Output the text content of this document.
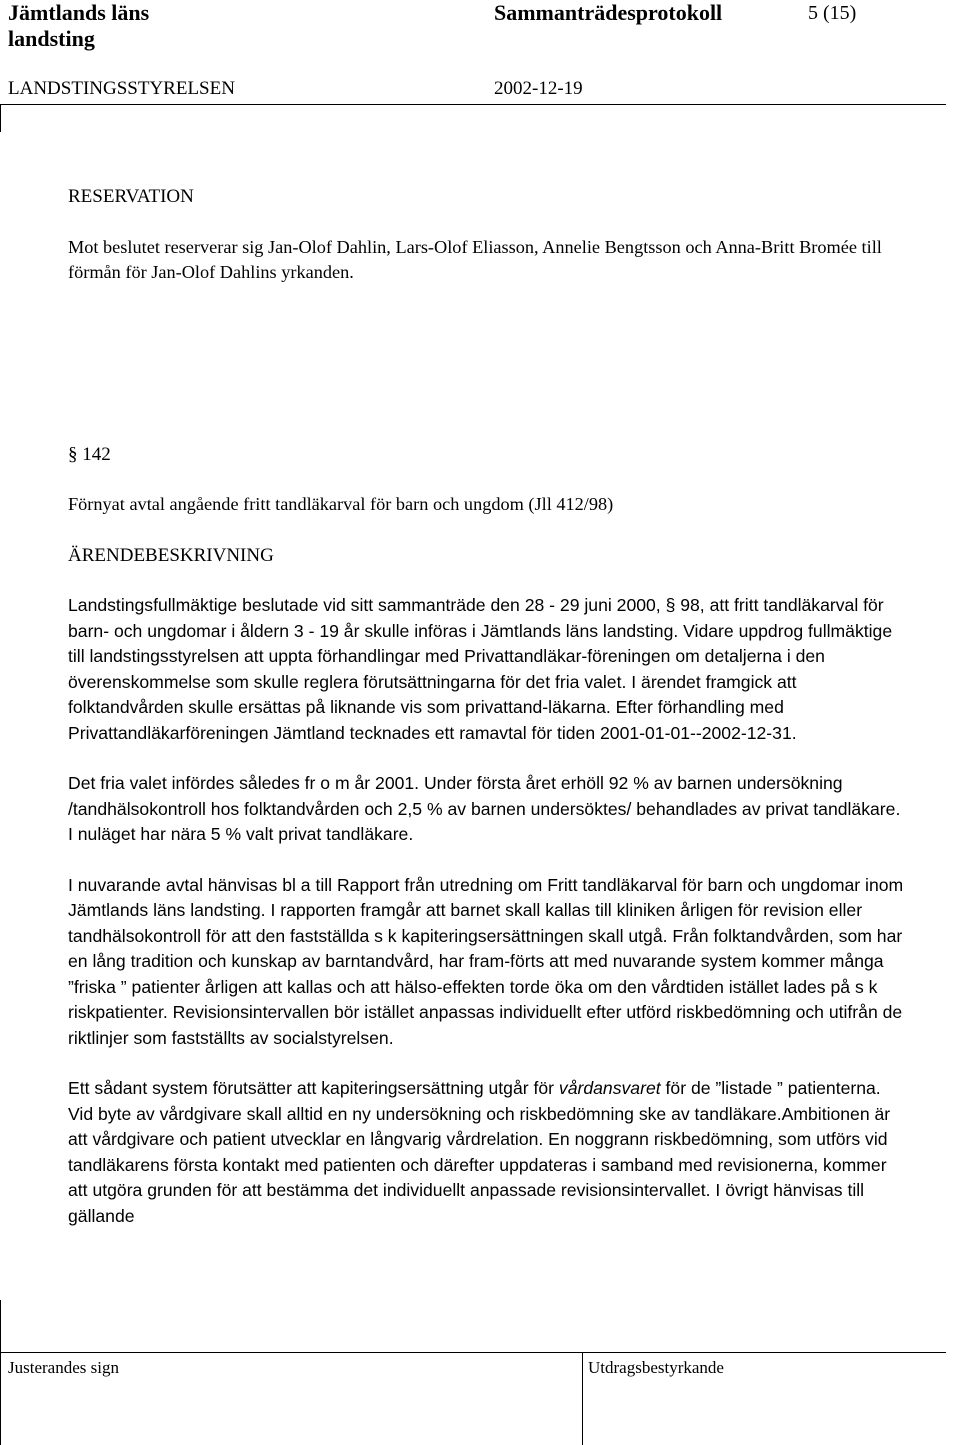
Jämtlands läns
landsting
Sammanträdesprotokoll	5 (15)
LANDSTINGSSTYRELSEN	2002-12-19

RESERVATION

Mot beslutet reserverar sig Jan-Olof Dahlin, Lars-Olof Eliasson, Annelie Bengtsson och Anna-Britt Bromée till förmån för Jan-Olof Dahlins yrkanden.

§ 142

Förnyat avtal angående fritt tandläkarval för barn och ungdom (Jll 412/98)

ÄRENDEBESKRIVNING

Landstingsfullmäktige beslutade vid sitt sammanträde den 28 - 29 juni 2000, § 98, att fritt tandläkarval för barn- och ungdomar i åldern 3 - 19 år skulle införas i Jämtlands läns landsting. Vidare uppdrog fullmäktige till landstingsstyrelsen att uppta förhandlingar med Privattandläkar-föreningen om detaljerna i den överenskommelse som skulle reglera förutsättningarna för det fria valet. I ärendet framgick att folktandvården skulle ersättas på liknande vis som privattand-läkarna. Efter förhandling med Privattandläkarföreningen Jämtland tecknades ett ramavtal för tiden 2001-01-01--2002-12-31.

Det fria valet infördes således fr o m år 2001. Under första året erhöll 92 % av barnen undersökning /tandhälsokontroll hos folktandvården och 2,5 % av barnen undersöktes/ behandlades av privat tandläkare. I nuläget har nära 5 % valt privat tandläkare.

I nuvarande avtal hänvisas bl a till Rapport från utredning om Fritt tandläkarval för barn och ungdomar inom Jämtlands läns landsting. I rapporten framgår att barnet skall kallas till kliniken årligen för revision eller tandhälsokontroll för att den fastställda s k kapiteringsersättningen skall utgå. Från folktandvården, som har en lång tradition och kunskap av barntandvård, har fram-förts att med nuvarande system kommer många ”friska ” patienter årligen att kallas och att hälso-effekten torde öka om den vårdtiden istället lades på s k riskpatienter. Revisionsintervallen bör istället anpassas individuellt efter utförd riskbedömning och utifrån de riktlinjer som fastställts av socialstyrelsen.

Ett sådant system förutsätter att kapiteringsersättning utgår för vårdansvaret för de ”listade ” patienterna. Vid byte av vårdgivare skall alltid en ny undersökning och riskbedömning ske av tandläkare.Ambitionen är att vårdgivare och patient utvecklar en långvarig vårdrelation. En noggrann riskbedömning, som utförs vid tandläkarens första kontakt med patienten och därefter uppdateras i samband med revisionerna, kommer att utgöra grunden för att bestämma det individuellt anpassade revisionsintervallet. I övrigt hänvisas till gällande

Justerandes sign	Utdragsbestyrkande
